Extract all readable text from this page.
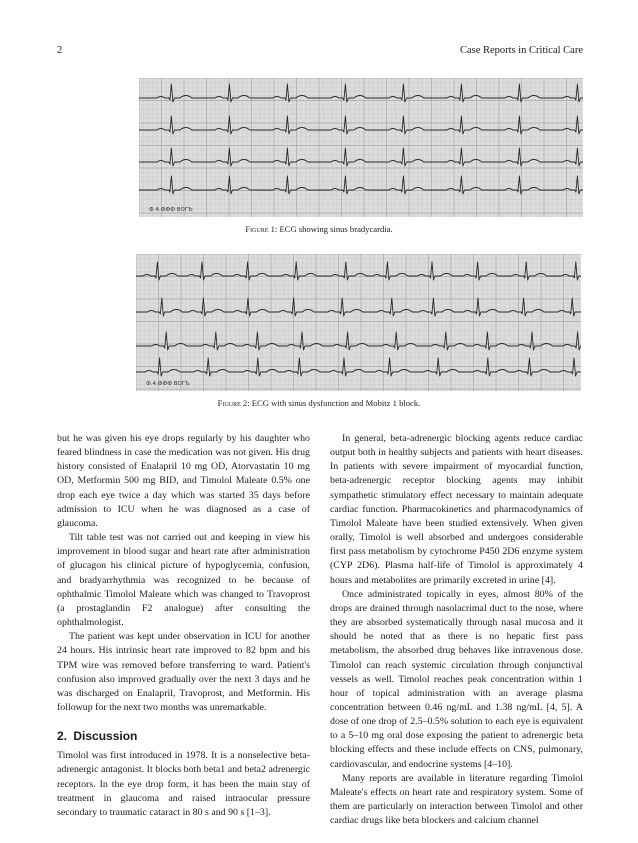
2	Case Reports in Critical Care
Ф.4.ФФФ ВОГЪ
Figure 1: ECG showing sinus bradycardia.
Ф.4.ФФФ ВОГЪ
Figure 2: ECG with sinus dysfunction and Mobitz 1 block.

but he was given his eye drops regularly by his daughter who feared blindness in case the medication was not given. His drug history consisted of Enalapril 10 mg OD, Atorvastatin 10 mg OD, Metformin 500 mg BID, and Timolol Maleate 0.5% one drop each eye twice a day which was started 35 days before admission to ICU when he was diagnosed as a case of glaucoma.

Tilt table test was not carried out and keeping in view his improvement in blood sugar and heart rate after administration of glucagon his clinical picture of hypoglycemia, confusion, and bradyarrhythmia was recognized to be because of ophthalmic Timolol Maleate which was changed to Travoprost (a prostaglandin F2 analogue) after consulting the ophthalmologist.

The patient was kept under observation in ICU for another 24 hours. His intrinsic heart rate improved to 82 bpm and his TPM wire was removed before transferring to ward. Patient's confusion also improved gradually over the next 3 days and he was discharged on Enalapril, Travoprost, and Metformin. His followup for the next two months was unremarkable.

2. Discussion

Timolol was first introduced in 1978. It is a nonselective beta-adrenergic antagonist. It blocks both beta1 and beta2 adrenergic receptors. In the eye drop form, it has been the main stay of treatment in glaucoma and raised intraocular pressure secondary to traumatic cataract in 80 s and 90 s [1–3].

In general, beta-adrenergic blocking agents reduce cardiac output both in healthy subjects and patients with heart diseases. In patients with severe impairment of myocardial function, beta-adrenergic receptor blocking agents may inhibit sympathetic stimulatory effect necessary to maintain adequate cardiac function. Pharmacokinetics and pharmacodynamics of Timolol Maleate have been studied extensively. When given orally, Timolol is well absorbed and undergoes considerable first pass metabolism by cytochrome P450 2D6 enzyme system (CYP 2D6). Plasma half-life of Timolol is approximately 4 hours and metabolites are primarily excreted in urine [4].

Once administrated topically in eyes, almost 80% of the drops are drained through nasolacrimal duct to the nose, where they are absorbed systematically through nasal mucosa and it should be noted that as there is no hepatic first pass metabolism, the absorbed drug behaves like intravenous dose. Timolol can reach systemic circulation through conjunctival vessels as well. Timolol reaches peak concentration within 1 hour of topical administration with an average plasma concentration between 0.46 ng/mL and 1.38 ng/mL [4, 5]. A dose of one drop of 2.5–0.5% solution to each eye is equivalent to a 5–10 mg oral dose exposing the patient to adrenergic beta blocking effects and these include effects on CNS, pulmonary, cardiovascular, and endocrine systems [4–10].

Many reports are available in literature regarding Timolol Maleate's effects on heart rate and respiratory system. Some of them are particularly on interaction between Timolol and other cardiac drugs like beta blockers and calcium channel
